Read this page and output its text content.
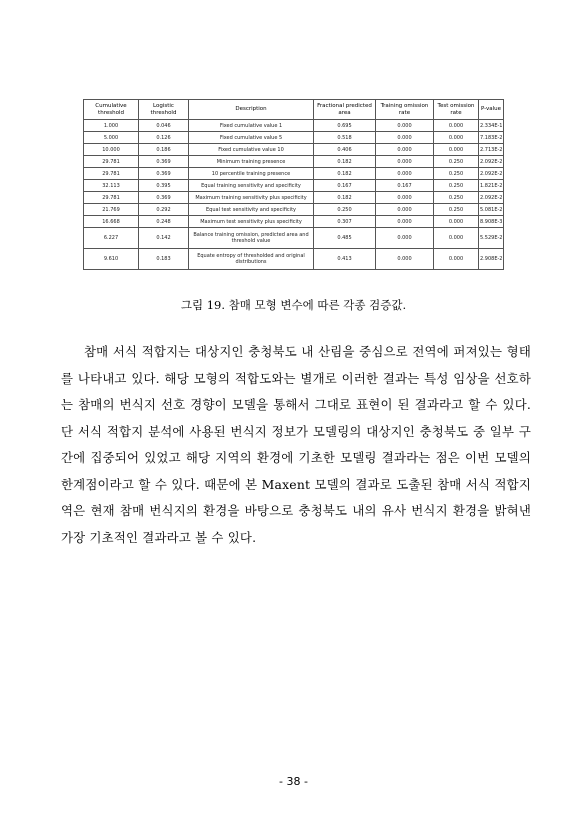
Cumulative threshold	Logistic threshold	Description	Fractional predicted area	Training omission rate	Test omission rate	P-value
1.000	0.046	Fixed cumulative value 1	0.695	0.000	0.000	2.334E-1
5.000	0.126	Fixed cumulative value 5	0.518	0.000	0.000	7.183E-2
10.000	0.186	Fixed cumulative value 10	0.406	0.000	0.000	2.713E-2
29.781	0.369	Minimum training presence	0.182	0.000	0.250	2.092E-2
29.781	0.369	10 percentile training presence	0.182	0.000	0.250	2.092E-2
32.113	0.395	Equal training sensitivity and specificity	0.167	0.167	0.250	1.821E-2
29.781	0.369	Maximum training sensitivity plus specificity	0.182	0.000	0.250	2.092E-2
21.769	0.292	Equal test sensitivity and specificity	0.250	0.000	0.250	5.081E-2
16.668	0.248	Maximum test sensitivity plus specificity	0.307	0.000	0.000	8.908E-3
6.227	0.142	Balance training omission, predicted area and threshold value	0.485	0.000	0.000	5.529E-2
9.610	0.183	Equate entropy of thresholded and original distributions	0.413	0.000	0.000	2.908E-2
그림 19. 참매 모형 변수에 따른 각종 검증값.
참매 서식 적합지는 대상지인 충청북도 내 산림을 중심으로 전역에 퍼져있는 형태를 나타내고 있다. 해당 모형의 적합도와는 별개로 이러한 결과는 특성 임상을 선호하는 참매의 번식지 선호 경향이 모델을 통해서 그대로 표현이 된 결과라고 할 수 있다. 단 서식 적합지 분석에 사용된 번식지 정보가 모델링의 대상지인 충청북도 중 일부 구간에 집중되어 있었고 해당 지역의 환경에 기초한 모델링 결과라는 점은 이번 모델의 한계점이라고 할 수 있다. 때문에 본 Maxent 모델의 결과로 도출된 참매 서식 적합지역은 현재 참매 번식지의 환경을 바탕으로 충청북도 내의 유사 번식지 환경을 밝혀낸 가장 기초적인 결과라고 볼 수 있다.
- 38 -
